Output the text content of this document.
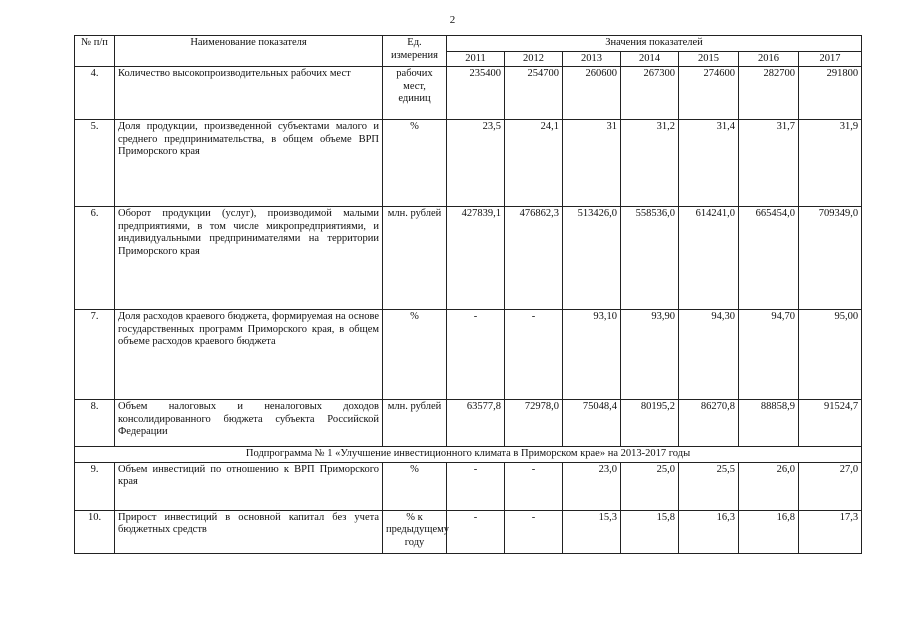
2
№ п/п	Наименование показателя	Ед. измерения	Значения показателей						
			2011	2012	2013	2014	2015	2016	2017
4.	Количество высокопроизводительных рабочих мест	рабочих мест, единиц	235400	254700	260600	267300	274600	282700	291800
5.	Доля продукции, произведенной субъектами малого и среднего предпринимательства, в общем объеме ВРП Приморского края	%	23,5	24,1	31	31,2	31,4	31,7	31,9
6.	Оборот продукции (услуг), производимой малыми предприятиями, в том числе микропредприятиями, и индивидуальными предпринимателями на территории Приморского края	млн. рублей	427839,1	476862,3	513426,0	558536,0	614241,0	665454,0	709349,0
7.	Доля расходов краевого бюджета, формируемая на основе государственных программ Приморского края, в общем объеме расходов краевого бюджета	%	-	-	93,10	93,90	94,30	94,70	95,00
8.	Объем налоговых и неналоговых доходов консолидированного бюджета субъекта Российской Федерации	млн. рублей	63577,8	72978,0	75048,4	80195,2	86270,8	88858,9	91524,7
Подпрограмма № 1 «Улучшение инвестиционного климата в Приморском крае» на 2013-2017 годы									
9.	Объем инвестиций по отношению к ВРП Приморского края	%	-	-	23,0	25,0	25,5	26,0	27,0
10.	Прирост инвестиций в основной капитал без учета бюджетных средств	% к предыдущему году	-	-	15,3	15,8	16,3	16,8	17,3
